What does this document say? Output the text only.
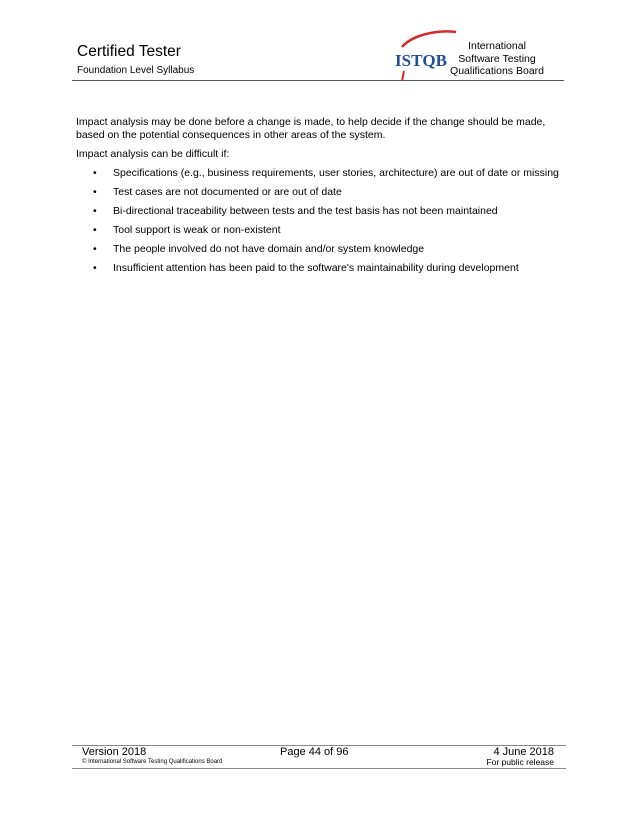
Certified Tester
Foundation Level Syllabus
ISTQB
International
Software Testing
Qualifications Board

Impact analysis may be done before a change is made, to help decide if the change should be made, based on the potential consequences in other areas of the system.

Impact analysis can be difficult if:

• Specifications (e.g., business requirements, user stories, architecture) are out of date or missing
• Test cases are not documented or are out of date
• Bi-directional traceability between tests and the test basis has not been maintained
• Tool support is weak or non-existent
• The people involved do not have domain and/or system knowledge
• Insufficient attention has been paid to the software's maintainability during development
Version 2018	Page 44 of 96	4 June 2018
© International Software Testing Qualifications Board	For public release
